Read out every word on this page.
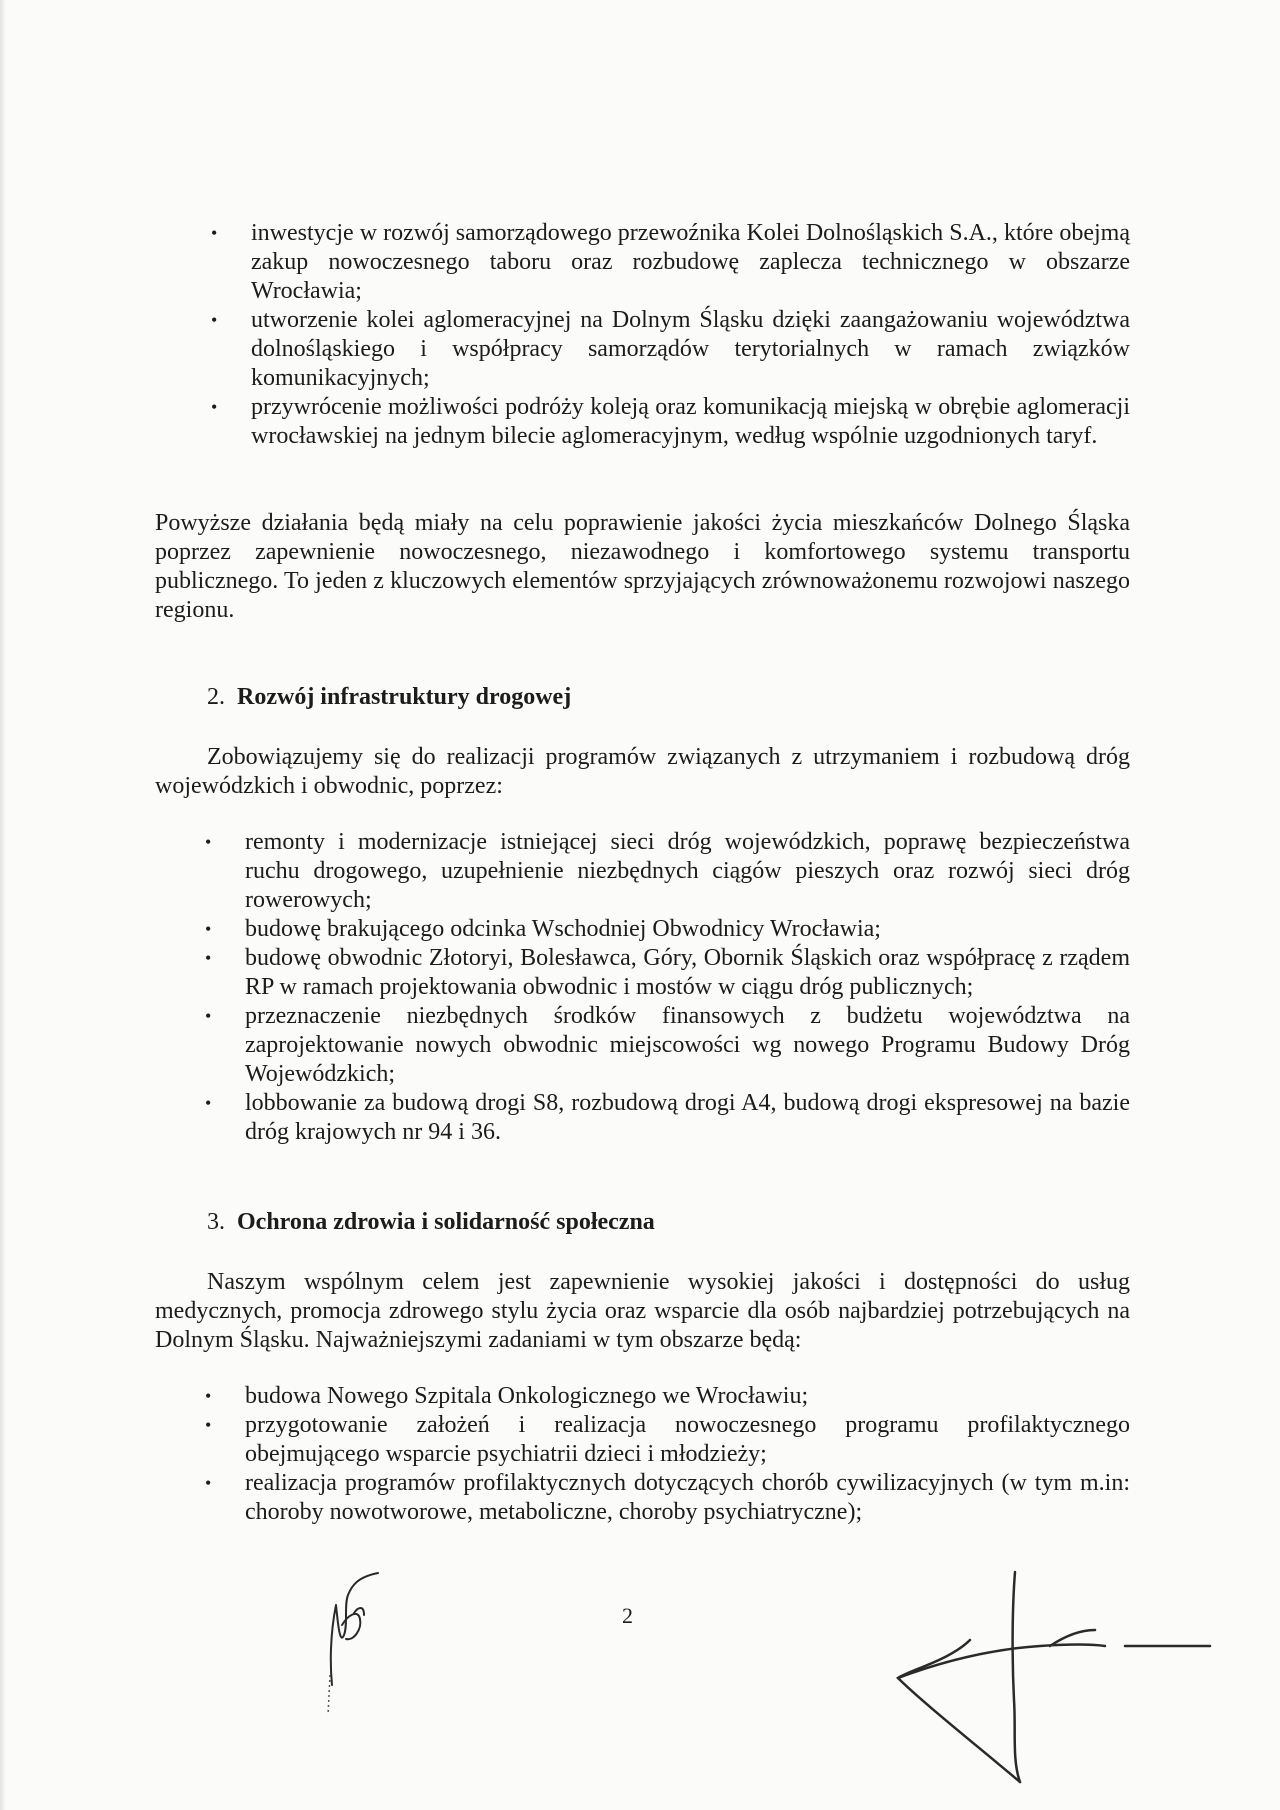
• inwestycje w rozwój samorządowego przewoźnika Kolei Dolnośląskich S.A., które obejmą zakup nowoczesnego taboru oraz rozbudowę zaplecza technicznego w obszarze Wrocławia;
• utworzenie kolei aglomeracyjnej na Dolnym Śląsku dzięki zaangażowaniu województwa dolnośląskiego i współpracy samorządów terytorialnych w ramach związków komunikacyjnych;
• przywrócenie możliwości podróży koleją oraz komunikacją miejską w obrębie aglomeracji wrocławskiej na jednym bilecie aglomeracyjnym, według wspólnie uzgodnionych taryf.

Powyższe działania będą miały na celu poprawienie jakości życia mieszkańców Dolnego Śląska poprzez zapewnienie nowoczesnego, niezawodnego i komfortowego systemu transportu publicznego. To jeden z kluczowych elementów sprzyjających zrównoważonemu rozwojowi naszego regionu.

2. Rozwój infrastruktury drogowej

Zobowiązujemy się do realizacji programów związanych z utrzymaniem i rozbudową dróg wojewódzkich i obwodnic, poprzez:

• remonty i modernizacje istniejącej sieci dróg wojewódzkich, poprawę bezpieczeństwa ruchu drogowego, uzupełnienie niezbędnych ciągów pieszych oraz rozwój sieci dróg rowerowych;
• budowę brakującego odcinka Wschodniej Obwodnicy Wrocławia;
• budowę obwodnic Złotoryi, Bolesławca, Góry, Obornik Śląskich oraz współpracę z rządem RP w ramach projektowania obwodnic i mostów w ciągu dróg publicznych;
• przeznaczenie niezbędnych środków finansowych z budżetu województwa na zaprojektowanie nowych obwodnic miejscowości wg nowego Programu Budowy Dróg Wojewódzkich;
• lobbowanie za budową drogi S8, rozbudową drogi A4, budową drogi ekspresowej na bazie dróg krajowych nr 94 i 36.
3. Ochrona zdrowia i solidarność społeczna

Naszym wspólnym celem jest zapewnienie wysokiej jakości i dostępności do usług medycznych, promocja zdrowego stylu życia oraz wsparcie dla osób najbardziej potrzebujących na Dolnym Śląsku. Najważniejszymi zadaniami w tym obszarze będą:

• budowa Nowego Szpitala Onkologicznego we Wrocławiu;
• przygotowanie założeń i realizacja nowoczesnego programu profilaktycznego obejmującego wsparcie psychiatrii dzieci i młodzieży;
• realizacja programów profilaktycznych dotyczących chorób cywilizacyjnych (w tym m.in: choroby nowotworowe, metaboliczne, choroby psychiatryczne);
2
